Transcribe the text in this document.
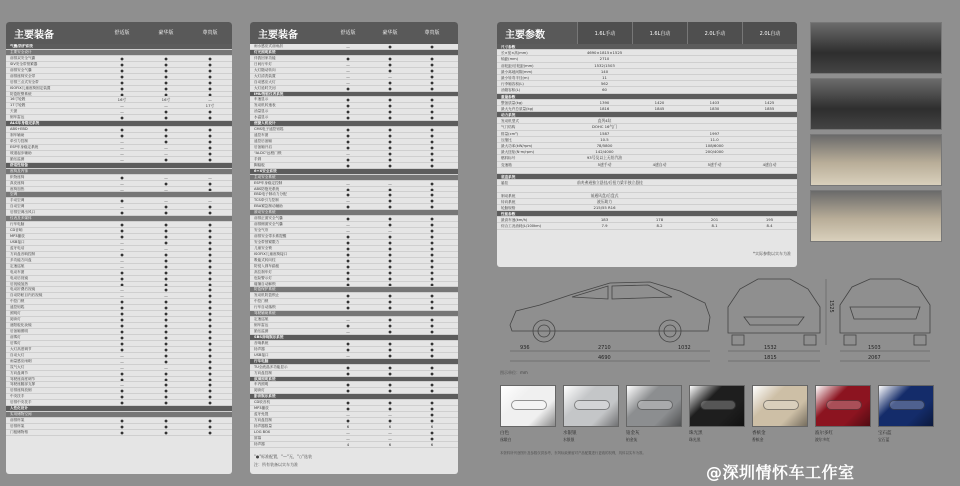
主要装备	舒适版	豪华版	尊贵版
气囊/防护系统
主要安全设计
前排双安全气囊	●	●	●
SIV安全带预紧器	●	●	●
前排安全气囊	●	●	●
前排座椅安全带	●	●	●
后排三点式安全带	●	●	●
ISOFIX儿童座椅固定装置	●	●	●
防盗报警系统	●	●	●
16寸轮毂	16寸	16寸	—
17寸轮毂	—	—	17寸
天窗	—	●	●
倒车雷达	●	●	●
ALS车身稳定系统
ABS+EBD	●	●	●
刹车辅助	●	●	●
牵引力控制	—	●	●
ESP车身稳定系统	—	—	●
坡道起步辅助	—	—	●
胎压监测	—	●	●
舒适性装备
座椅及内饰
织物座椅	●	—	—
真皮座椅	—	●	●
座椅加热	—	—	●
空调
手动空调	●	—	—
自动空调	—	●	●
后排空调出风口	●	●	●
仪表及多媒体
行车电脑	●	●	●
CD音响	●	●	●
MP3播放	●	●	●
USB接口	—	●	●
蓝牙电话	—	—	●
方向盘音响控制	●	●	●
多功能方向盘	—	●	●
定速巡航	—	●	●
电动车窗	●	●	●
电动后视镜	●	●	●
后视镜加热	●	●	●
电动折叠后视镜	—	●	●
自动防眩目内后视镜	—	—	●
中控门锁	●	●	●
遥控钥匙	●	●	●
照明灯	●	●	●
阅读灯	●	●	●
遮阳板化妆镜	●	●	●
后备厢照明	●	●	●
前雾灯	●	●	●
后雾灯	●	●	●
大灯高度调节	●	●	●
自动大灯	—	●	●
雨量感应雨刷	—	●	●
氙气大灯	—	—	●
方向盘调节	●	●	●
驾驶座高度调节	●	●	●
驾驶座腰部支撑	—	●	●
后排座椅放倒	●	●	●
中央扶手	●	●	●
后排中央扶手	●	●	●
人性化设计
实用储物空间
前排杯架	●	●	●
后排杯架	●	●	●
门板储物格	●	●	●
主要装备	舒适版	豪华版	尊贵版
雨水感应式前雨刮	—	●	●
灯光照明系统
伴我回家功能	●	●	●
日间行车灯	—	●	●
大灯随动转向	—	●	●
大灯清洗装置	—	—	●
自动感应大灯	—	●	●
大灯延时关闭	●	●	●
IMU智能仪表系统
车速显示	●	●	●
发动机转速表	●	●	●
油量显示	●	●	●
水温显示	●	●	●
便捷人机设计
CMS电子遥控钥匙	●	●	●
遥控车窗	●	●	●
遥控后备厢	●	●	●
后备厢开启	●	●	●
"ALDC"远程门锁	—	●	●
手刹	●	●	●
脚踏板	●	●	●
6+X安全系统
主动安全系统
ESP车身稳定控制	—	—	●
ABS防抱死系统	●	●	●
EBD电子制动力分配	●	●	●
TCS牵引力控制	—	●	●
EBA紧急制动辅助	●	●	●
被动安全系统
前排正面安全气囊	●	●	●
前排侧面安全气囊	—	●	●
安全气帘	—	—	●
前排安全带未系提醒	●	●	●
安全带预紧限力	●	●	●
儿童安全锁	●	●	●
ISOFIX儿童座椅接口	●	●	●
吸能式转向柱	●	●	●
防侵入刹车踏板	●	●	●
高位刹车灯	●	●	●
危险警示灯	●	●	●
碰撞自动解锁	●	●	●
防盗保护系统
发动机防盗锁止	●	●	●
中控门锁	●	●	●
行车自动落锁	●	●	●
驾驶辅助系统
定速巡航	—	●	●
倒车雷达	●	●	●
胎压监测	—	●	●
SBS音响娱乐系统
音响系统	●	●	●
扬声器	●	●	●
USB接口	—	●	●
行车电脑
TU全液晶多功能显示	●	●	●
方向盘控制	●	●	●
氛围照明系统
车内照明	●	●	●
阅读灯	●	●	●
影音娱乐系统
CD收音机	●	●	●
MP3播放	●	●	●
蓝牙免提	—	—	●
方向盘控制	●	●	●
扬声器数量	6	6	6
LOG BOX	—	—	●
屏幕	—	—	●
扬声器	4	6	6
"●"标准配置，"—"无，"○"选装
注：所有装备以实车为准
主要参数	1.6L手动	1.6L自动	2.0L手动	2.0L自动
尺寸参数
长×宽×高(mm)	4690×1815×1525
轴距(mm)	2710
前轮距/后轮距(mm)	1532/1503
最小离地间隙(mm)	140
最小转弯半径(m)	11
行李厢容积(L)	562
油箱容积(L)	60
重量参数
整备质量(kg)	1390	1420	1403	1425
最大允许总质量(kg)	1816	1845	1830	1855
动力系统
发动机型式	直列4缸
气门结构	DOHC 16气门
排量(cm³)	1587	1997
压缩比	10.5	11.0
最大功率(kW/rpm)	78/5800	108/6000
最大扭矩(N·m/rpm)	142/4000	200/4000
燃料标号	93号及以上无铅汽油
变速箱	5速手动	4速自动	5速手动	4速自动
底盘系统
悬挂	前麦弗逊独立悬挂/后扭力梁半独立悬挂
制动系统	前通风盘/后盘式
转向系统	液压助力
轮胎规格	215/55 R16
性能参数
最高车速(km/h)	183	178	201	195
综合工况油耗(L/100km)	7.9	8.2	8.1	8.4
*实际参数以实车为准
936	2710	1032
4690
1532
1815
1503
2067
1525
图示单位：mm
白色
丝缎白
水银银
水银银
铂金灰
铂金灰
珠光黑
珠光黑
香槟金
香槟金
波尔多红
波尔多红
宝石蓝
宝石蓝
本资料所刊登图片及参数仅供参考，东风标致保留对产品配置进行更改的权利，具体以实车为准。
@深圳情怀车工作室
